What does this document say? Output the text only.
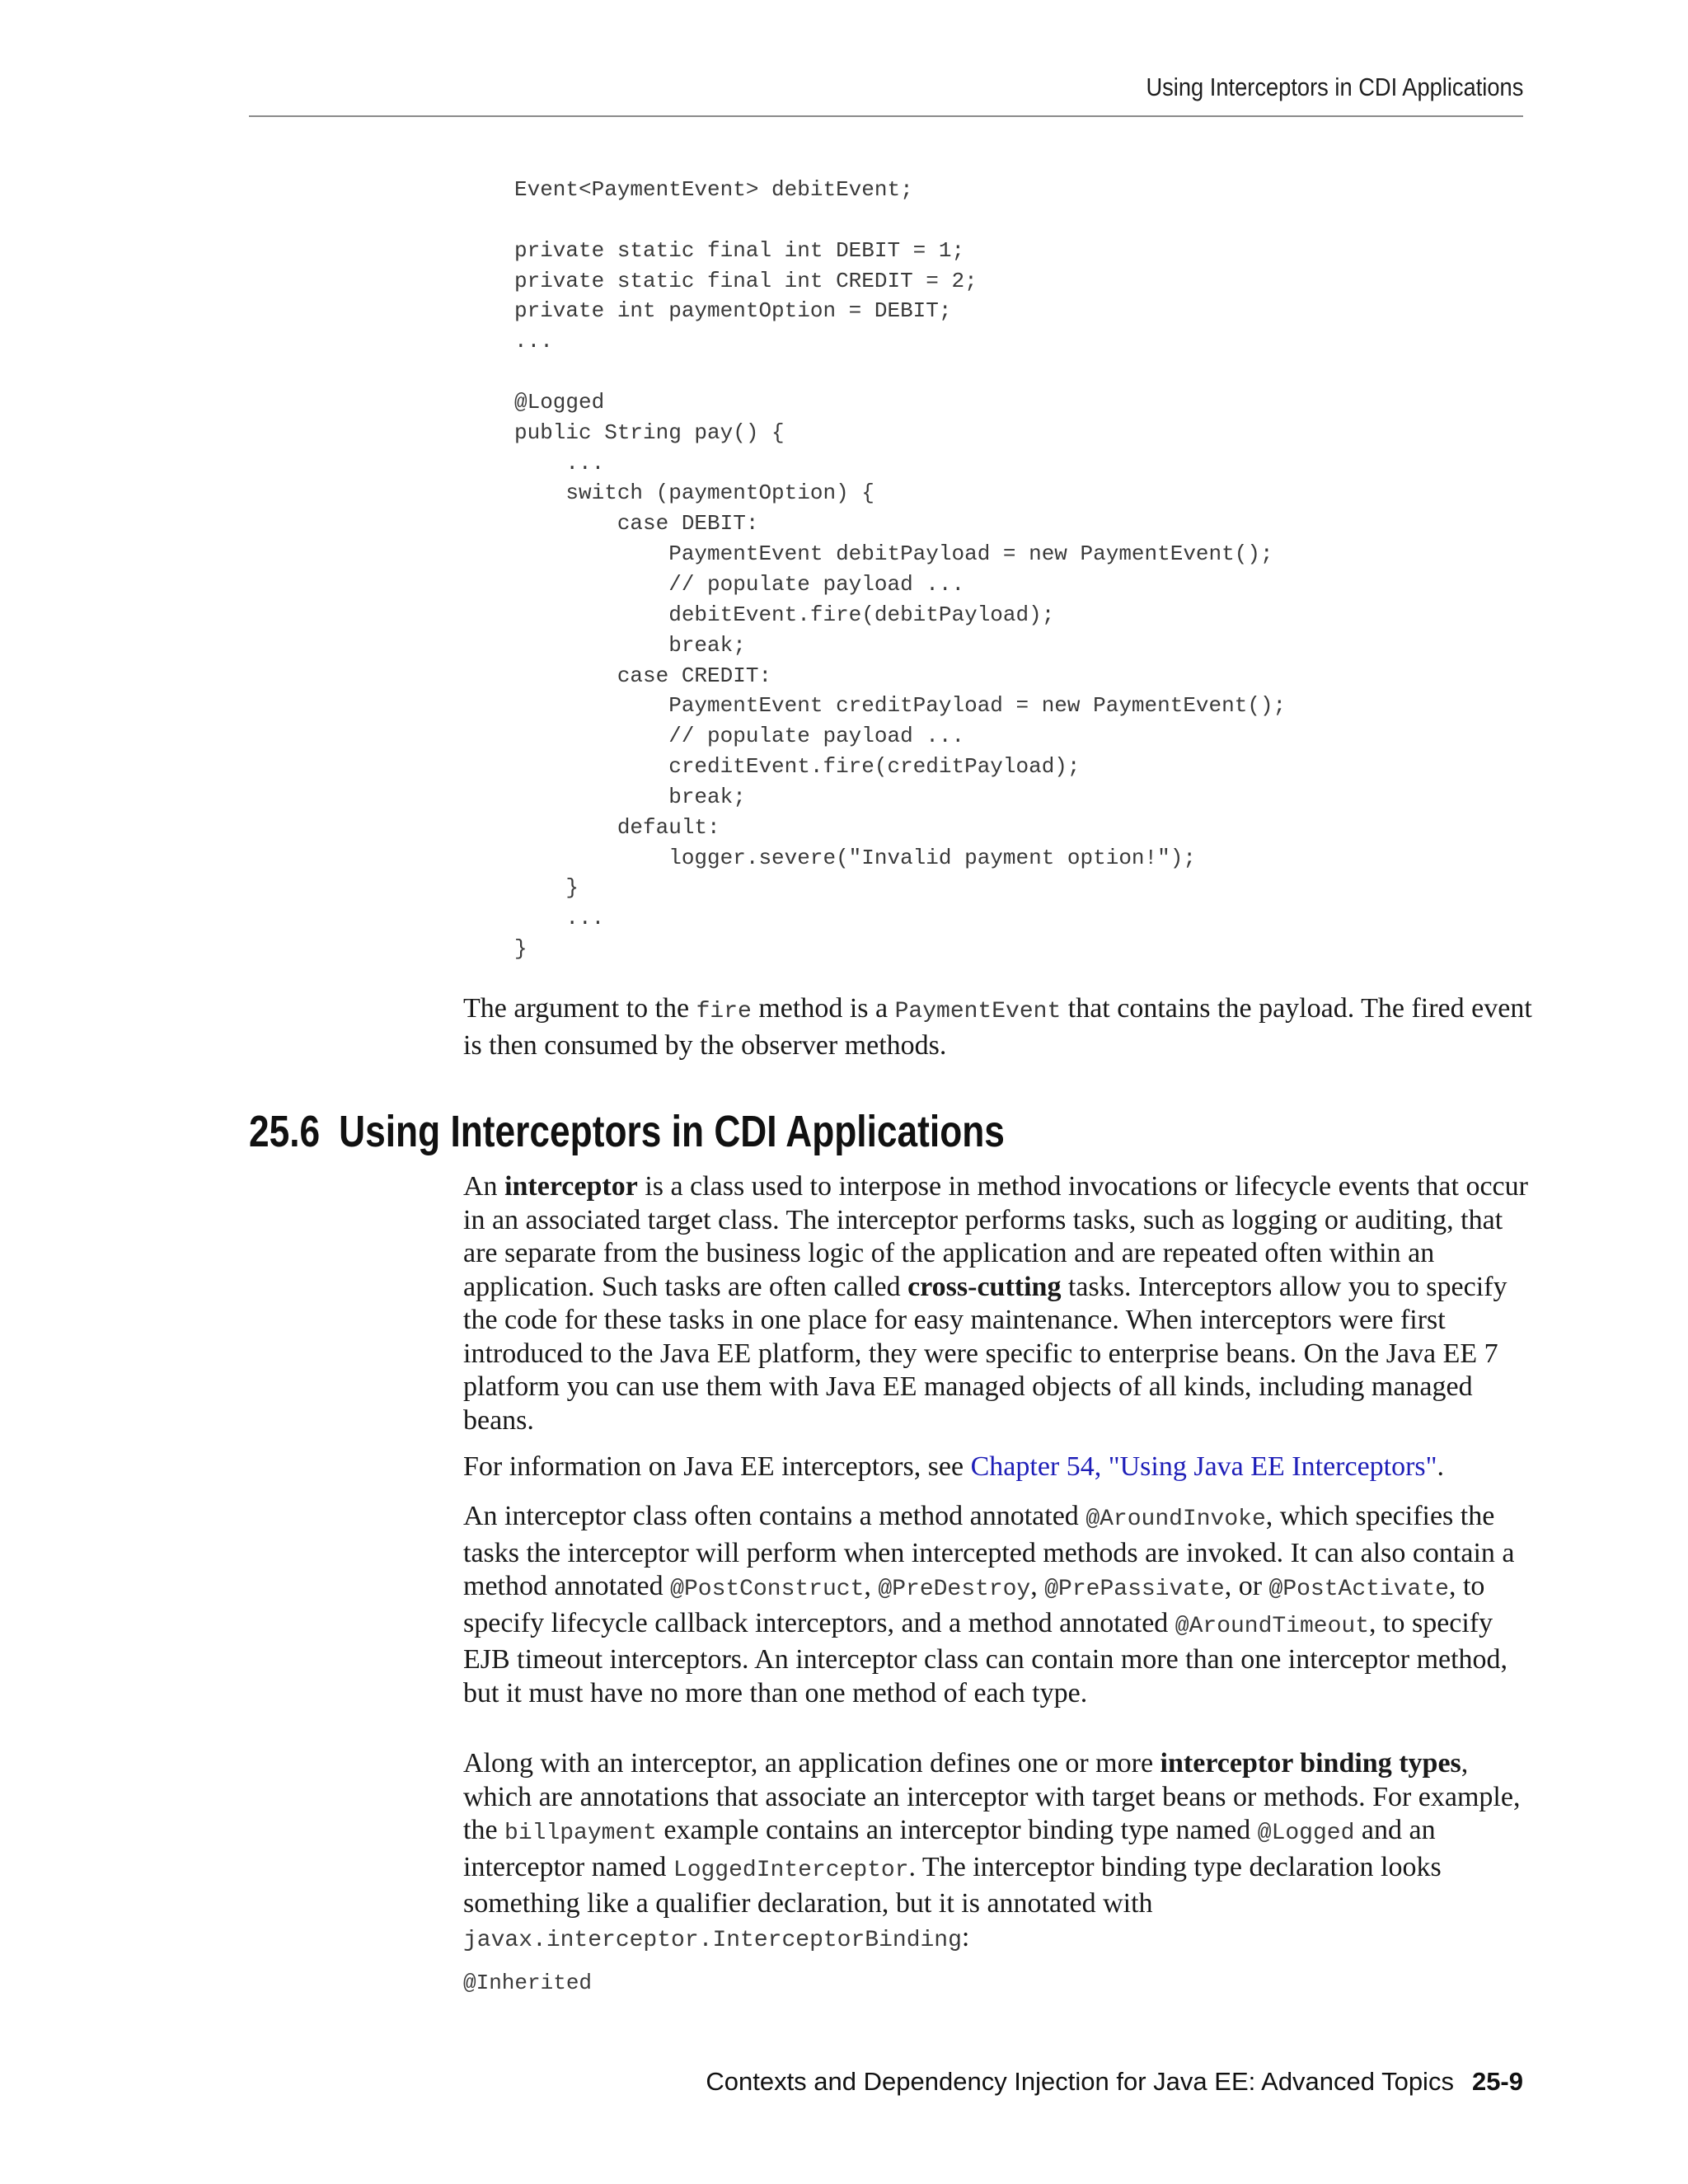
Using Interceptors in CDI Applications
Event<PaymentEvent> debitEvent;

private static final int DEBIT = 1;
private static final int CREDIT = 2;
private int paymentOption = DEBIT;
...

@Logged
public String pay() {
...
switch (paymentOption) {
case DEBIT:
PaymentEvent debitPayload = new PaymentEvent();
// populate payload ...
debitEvent.fire(debitPayload);
break;
case CREDIT:
PaymentEvent creditPayload = new PaymentEvent();
// populate payload ...
creditEvent.fire(creditPayload);
break;
default:
logger.severe("Invalid payment option!");
}
...
}

The argument to the fire method is a PaymentEvent that contains the payload. The fired event is then consumed by the observer methods.

25.6 Using Interceptors in CDI Applications

An interceptor is a class used to interpose in method invocations or lifecycle events that occur in an associated target class. The interceptor performs tasks, such as logging or auditing, that are separate from the business logic of the application and are repeated often within an application. Such tasks are often called cross-cutting tasks. Interceptors allow you to specify the code for these tasks in one place for easy maintenance. When interceptors were first introduced to the Java EE platform, they were specific to enterprise beans. On the Java EE 7 platform you can use them with Java EE managed objects of all kinds, including managed beans.

For information on Java EE interceptors, see Chapter 54, "Using Java EE Interceptors".

An interceptor class often contains a method annotated @AroundInvoke, which specifies the tasks the interceptor will perform when intercepted methods are invoked. It can also contain a method annotated @PostConstruct, @PreDestroy, @PrePassivate, or @PostActivate, to specify lifecycle callback interceptors, and a method annotated @AroundTimeout, to specify EJB timeout interceptors. An interceptor class can contain more than one interceptor method, but it must have no more than one method of each type.

Along with an interceptor, an application defines one or more interceptor binding types, which are annotations that associate an interceptor with target beans or methods. For example, the billpayment example contains an interceptor binding type named @Logged and an interceptor named LoggedInterceptor. The interceptor binding type declaration looks something like a qualifier declaration, but it is annotated with javax.interceptor.InterceptorBinding:

@Inherited
Contexts and Dependency Injection for Java EE: Advanced Topics 25-9
